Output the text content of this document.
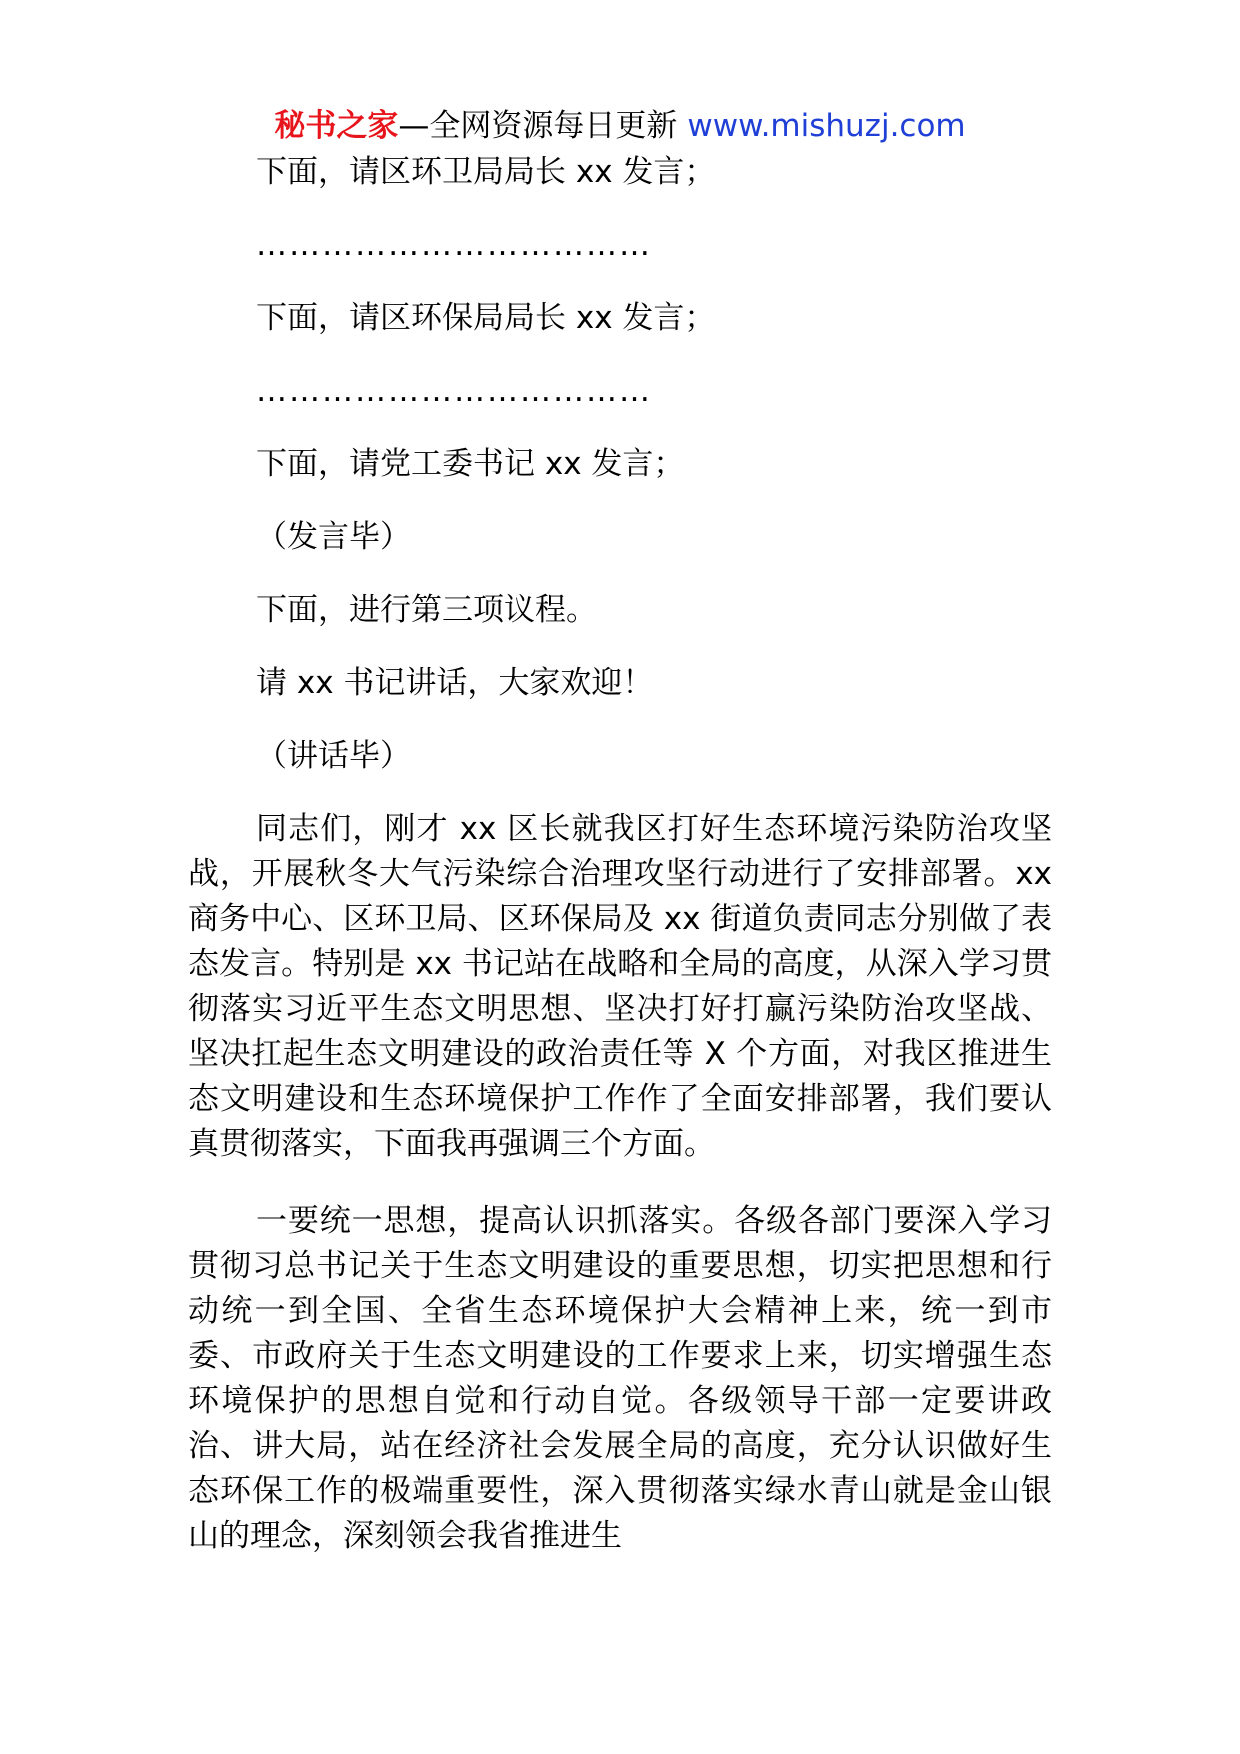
秘书之家—全网资源每日更新 www.mishuzj.com

下面，请区环卫局局长 xx 发言；

………………………………

下面，请区环保局局长 xx 发言；

………………………………

下面，请党工委书记 xx 发言；

（发言毕）

下面，进行第三项议程。

请 xx 书记讲话，大家欢迎！

（讲话毕）

同志们，刚才 xx 区长就我区打好生态环境污染防治攻坚战，开展秋冬大气污染综合治理攻坚行动进行了安排部署。xx 商务中心、区环卫局、区环保局及 xx 街道负责同志分别做了表态发言。特别是 xx 书记站在战略和全局的高度，从深入学习贯彻落实习近平生态文明思想、坚决打好打赢污染防治攻坚战、坚决扛起生态文明建设的政治责任等 X 个方面，对我区推进生态文明建设和生态环境保护工作作了全面安排部署，我们要认真贯彻落实，下面我再强调三个方面。

一要统一思想，提高认识抓落实。各级各部门要深入学习贯彻习总书记关于生态文明建设的重要思想，切实把思想和行动统一到全国、全省生态环境保护大会精神上来，统一到市委、市政府关于生态文明建设的工作要求上来，切实增强生态环境保护的思想自觉和行动自觉。各级领导干部一定要讲政治、讲大局，站在经济社会发展全局的高度，充分认识做好生态环保工作的极端重要性，深入贯彻落实绿水青山就是金山银山的理念，深刻领会我省推进生
